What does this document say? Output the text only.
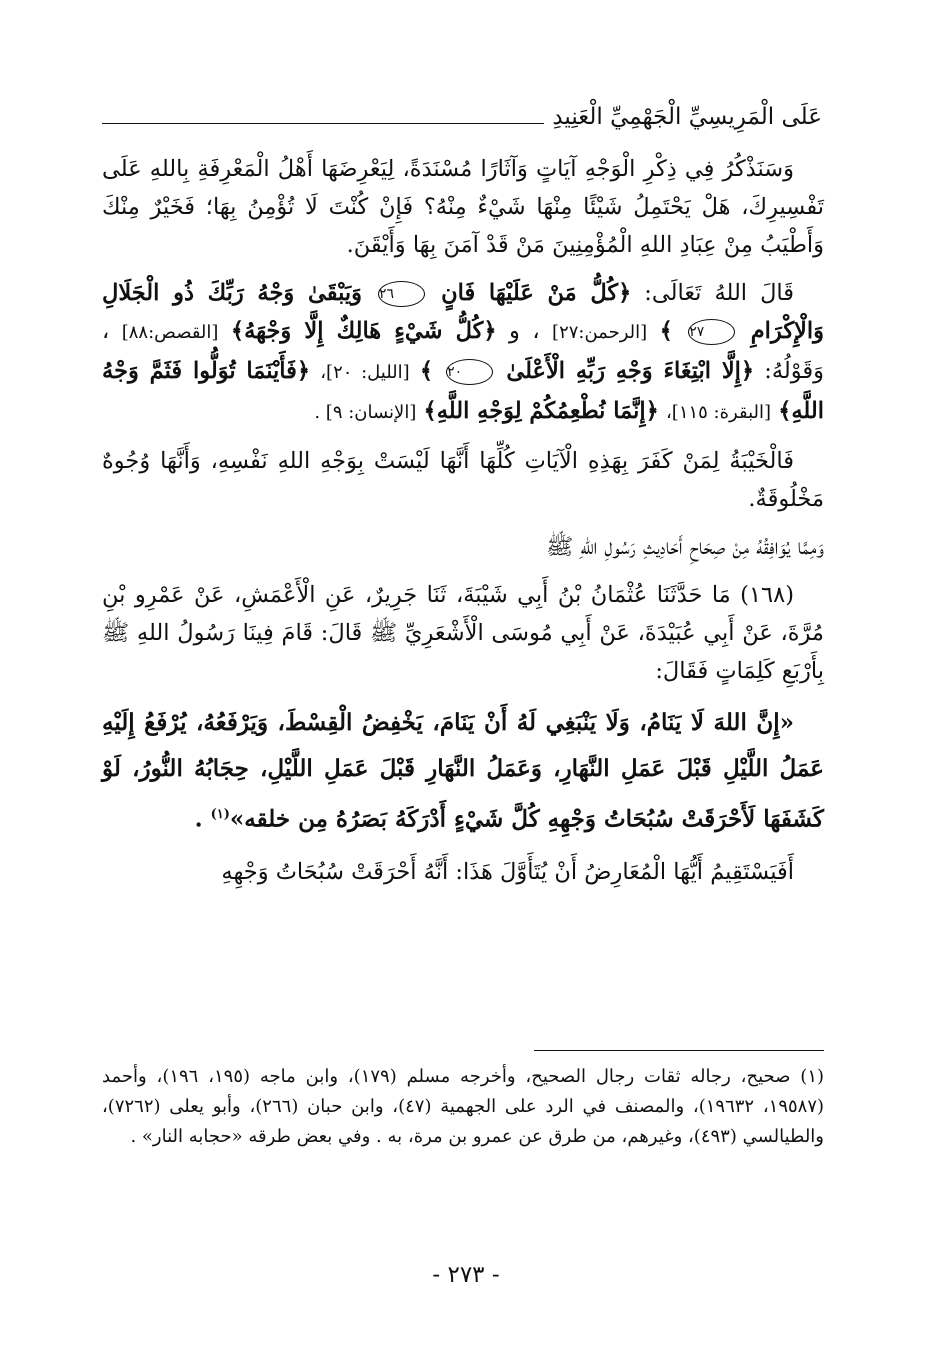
عَلَى الْمَرِيسِيِّ الْجَهْمِيِّ الْعَنِيدِ

وَسَنَذْكُرُ فِي ذِكْرِ الْوَجْهِ آيَاتٍ وَآثَارًا مُسْنَدَةً، لِيَعْرِضَهَا أَهْلُ الْمَعْرِفَةِ بِاللهِ عَلَى تَفْسِيرِكَ، هَلْ يَحْتَمِلُ شَيْئًا مِنْهَا شَيْءٌ مِنْهُ؟ فَإِنْ كُنْتَ لَا تُؤْمِنُ بِهَا؛ فَخَيْرٌ مِنْكَ وَأَطْيَبُ مِنْ عِبَادِ اللهِ الْمُؤْمِنِينَ مَنْ قَدْ آمَنَ بِهَا وَأَيْقَنَ.

قَالَ اللهُ تَعَالَى: ﴿كُلُّ مَنْ عَلَيْهَا فَانٍ ٢٦ وَيَبْقَىٰ وَجْهُ رَبِّكَ ذُو الْجَلَالِ وَالْإِكْرَامِ ٢٧ ﴾ [الرحمن:٢٧] ، و ﴿كُلُّ شَيْءٍ هَالِكٌ إِلَّا وَجْهَهُ﴾ [القصص:٨٨] ، وَقَوْلُهُ: ﴿إِلَّا ابْتِغَاءَ وَجْهِ رَبِّهِ الْأَعْلَىٰ ٢٠ ﴾ [الليل: ٢٠]، ﴿فَأَيْنَمَا تُوَلُّوا فَثَمَّ وَجْهُ اللَّهِ﴾ [البقرة: ١١٥]، ﴿إِنَّمَا نُطْعِمُكُمْ لِوَجْهِ اللَّهِ﴾ [الإنسان: ٩] .

فَالْخَيْبَةُ لِمَنْ كَفَرَ بِهَذِهِ الْآيَاتِ كُلِّهَا أَنَّهَا لَيْسَتْ بِوَجْهِ اللهِ نَفْسِهِ، وَأَنَّهَا وُجُوهٌ مَخْلُوقَةٌ.

وَمِمَّا يُوَافِقُهُ مِنْ صِحَاحِ أَحَادِيثِ رَسُولِ اللهِ ﷺ

(١٦٨) مَا حَدَّثَنَا عُثْمَانُ بْنُ أَبِي شَيْبَةَ، ثَنَا جَرِيرٌ، عَنِ الْأَعْمَشِ، عَنْ عَمْرِو بْنِ مُرَّةَ، عَنْ أَبِي عُبَيْدَةَ، عَنْ أَبِي مُوسَى الْأَشْعَرِيِّ ﷺ قَالَ: قَامَ فِينَا رَسُولُ اللهِ ﷺ بِأَرْبَعِ كَلِمَاتٍ فَقَالَ:

«إِنَّ اللهَ لَا يَنَامُ، وَلَا يَنْبَغِي لَهُ أَنْ يَنَامَ، يَخْفِضُ الْقِسْطَ، وَيَرْفَعُهُ، يُرْفَعُ إِلَيْهِ عَمَلُ اللَّيْلِ قَبْلَ عَمَلِ النَّهَارِ، وَعَمَلُ النَّهَارِ قَبْلَ عَمَلِ اللَّيْلِ، حِجَابُهُ النُّورُ، لَوْ كَشَفَهَا لَأَحْرَقَتْ سُبُحَاتُ وَجْهِهِ كُلَّ شَيْءٍ أَدْرَكَهُ بَصَرُهُ مِن خلقه»$^{(١)}$ .

أَفَيَسْتَقِيمُ أَيُّهَا الْمُعَارِضُ أَنْ يُتَأَوَّلَ هَذَا: أَنَّهُ أَحْرَقَتْ سُبُحَاتُ وَجْهِهِ

(١) صحيح، رجاله ثقات رجال الصحيح، وأخرجه مسلم (١٧٩)، وابن ماجه (١٩٥، ١٩٦)، وأحمد (١٩٥٨٧، ١٩٦٣٢)، والمصنف في الرد على الجهمية (٤٧)، وابن حبان (٢٦٦)، وأبو يعلى (٧٢٦٢)، والطيالسي (٤٩٣)، وغيرهم، من طرق عن عمرو بن مرة، به . وفي بعض طرقه «حجابه النار» .

- ٢٧٣ -
